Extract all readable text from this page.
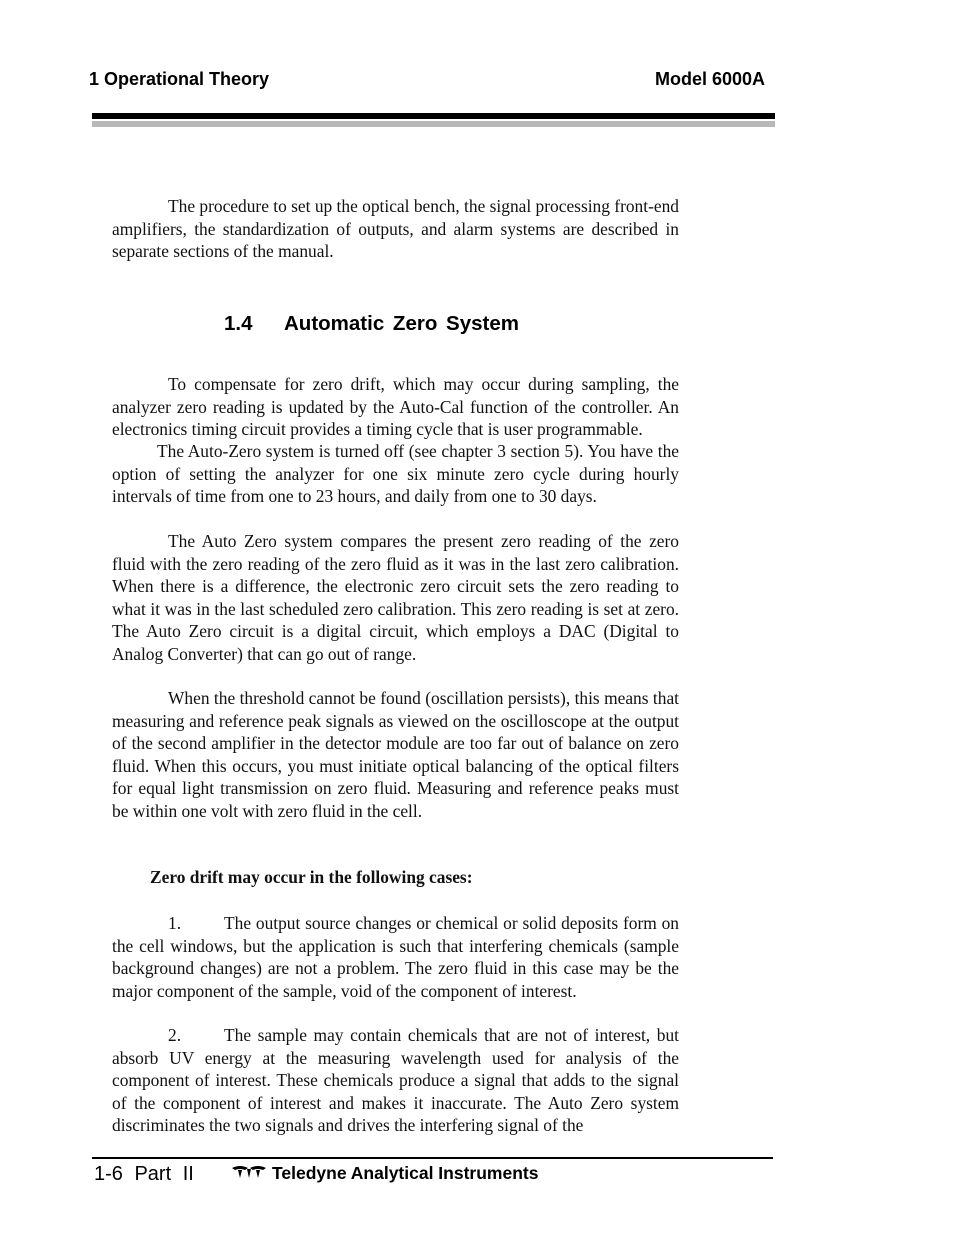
1 Operational Theory	Model 6000A

The procedure to set up the optical bench, the signal processing front-end amplifiers, the standardization of outputs, and alarm systems are described in separate sections of the manual.

1.4 Automatic Zero System

To compensate for zero drift, which may occur during sampling, the analyzer zero reading is updated by the Auto-Cal function of the controller. An electronics timing circuit provides a timing cycle that is user programmable.

The Auto-Zero system is turned off (see chapter 3 section 5). You have the option of setting the analyzer for one six minute zero cycle during hourly intervals of time from one to 23 hours, and daily from one to 30 days.

The Auto Zero system compares the present zero reading of the zero fluid with the zero reading of the zero fluid as it was in the last zero calibration. When there is a difference, the electronic zero circuit sets the zero reading to what it was in the last scheduled zero calibration. This zero reading is set at zero. The Auto Zero circuit is a digital circuit, which employs a DAC (Digital to Analog Converter) that can go out of range.

When the threshold cannot be found (oscillation persists), this means that measuring and reference peak signals as viewed on the oscilloscope at the output of the second amplifier in the detector module are too far out of balance on zero fluid. When this occurs, you must initiate optical balancing of the optical filters for equal light transmission on zero fluid. Measuring and reference peaks must be within one volt with zero fluid in the cell.

Zero drift may occur in the following cases:

1. The output source changes or chemical or solid deposits form on the cell windows, but the application is such that interfering chemicals (sample background changes) are not a problem. The zero fluid in this case may be the major component of the sample, void of the component of interest.

2. The sample may contain chemicals that are not of interest, but absorb UV energy at the measuring wavelength used for analysis of the component of interest. These chemicals produce a signal that adds to the signal of the component of interest and makes it inaccurate. The Auto Zero system discriminates the two signals and drives the interfering signal of the

1-6 Part II	Teledyne Analytical Instruments
